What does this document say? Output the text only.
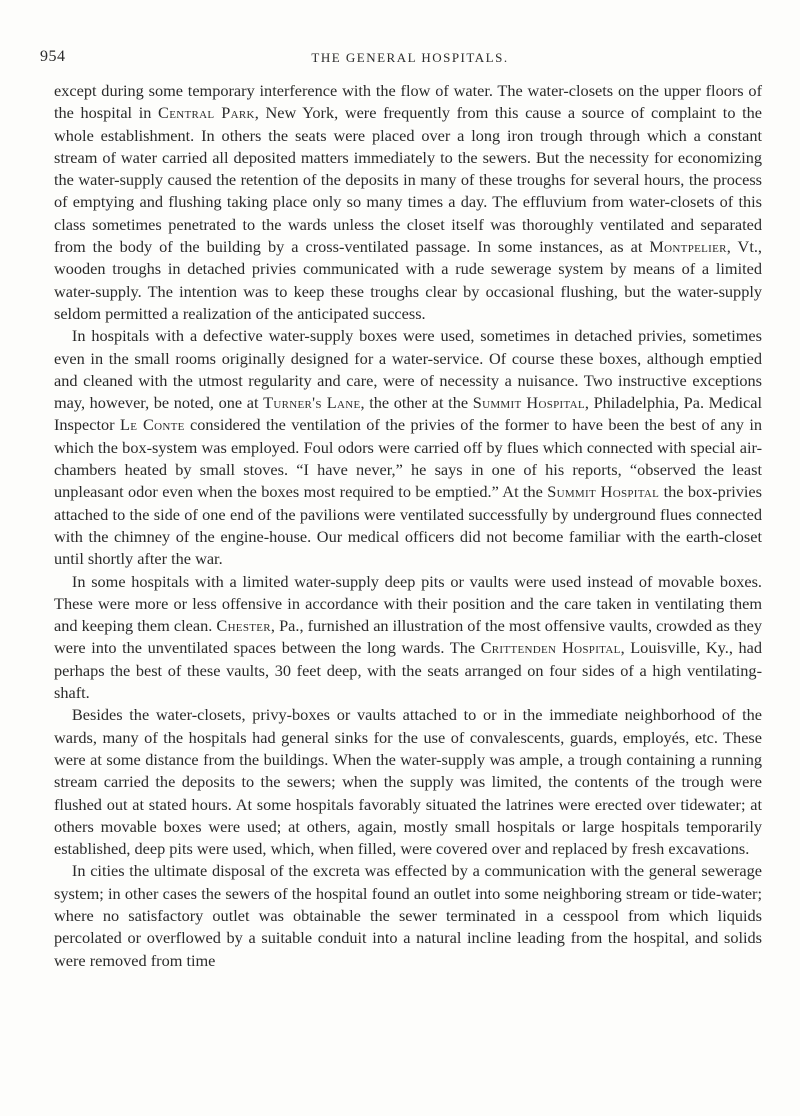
954	THE GENERAL HOSPITALS.

except during some temporary interference with the flow of water. The water-closets on the upper floors of the hospital in Central Park, New York, were frequently from this cause a source of complaint to the whole establishment. In others the seats were placed over a long iron trough through which a constant stream of water carried all deposited matters immediately to the sewers. But the necessity for economizing the water-supply caused the retention of the deposits in many of these troughs for several hours, the process of emptying and flushing taking place only so many times a day. The effluvium from water-closets of this class sometimes penetrated to the wards unless the closet itself was thoroughly ventilated and separated from the body of the building by a cross-ventilated passage. In some instances, as at Montpelier, Vt., wooden troughs in detached privies communicated with a rude sewerage system by means of a limited water-supply. The intention was to keep these troughs clear by occasional flushing, but the water-supply seldom permitted a realization of the anticipated success.

In hospitals with a defective water-supply boxes were used, sometimes in detached privies, sometimes even in the small rooms originally designed for a water-service. Of course these boxes, although emptied and cleaned with the utmost regularity and care, were of necessity a nuisance. Two instructive exceptions may, however, be noted, one at Turner's Lane, the other at the Summit Hospital, Philadelphia, Pa. Medical Inspector Le Conte considered the ventilation of the privies of the former to have been the best of any in which the box-system was employed. Foul odors were carried off by flues which connected with special air-chambers heated by small stoves. “I have never,” he says in one of his reports, “observed the least unpleasant odor even when the boxes most required to be emptied.” At the Summit Hospital the box-privies attached to the side of one end of the pavilions were ventilated successfully by underground flues connected with the chimney of the engine-house. Our medical officers did not become familiar with the earth-closet until shortly after the war.

In some hospitals with a limited water-supply deep pits or vaults were used instead of movable boxes. These were more or less offensive in accordance with their position and the care taken in ventilating them and keeping them clean. Chester, Pa., furnished an illustration of the most offensive vaults, crowded as they were into the unventilated spaces between the long wards. The Crittenden Hospital, Louisville, Ky., had perhaps the best of these vaults, 30 feet deep, with the seats arranged on four sides of a high ventilating-shaft.

Besides the water-closets, privy-boxes or vaults attached to or in the immediate neighborhood of the wards, many of the hospitals had general sinks for the use of convalescents, guards, employés, etc. These were at some distance from the buildings. When the water-supply was ample, a trough containing a running stream carried the deposits to the sewers; when the supply was limited, the contents of the trough were flushed out at stated hours. At some hospitals favorably situated the latrines were erected over tidewater; at others movable boxes were used; at others, again, mostly small hospitals or large hospitals temporarily established, deep pits were used, which, when filled, were covered over and replaced by fresh excavations.

In cities the ultimate disposal of the excreta was effected by a communication with the general sewerage system; in other cases the sewers of the hospital found an outlet into some neighboring stream or tide-water; where no satisfactory outlet was obtainable the sewer terminated in a cesspool from which liquids percolated or overflowed by a suitable conduit into a natural incline leading from the hospital, and solids were removed from time
